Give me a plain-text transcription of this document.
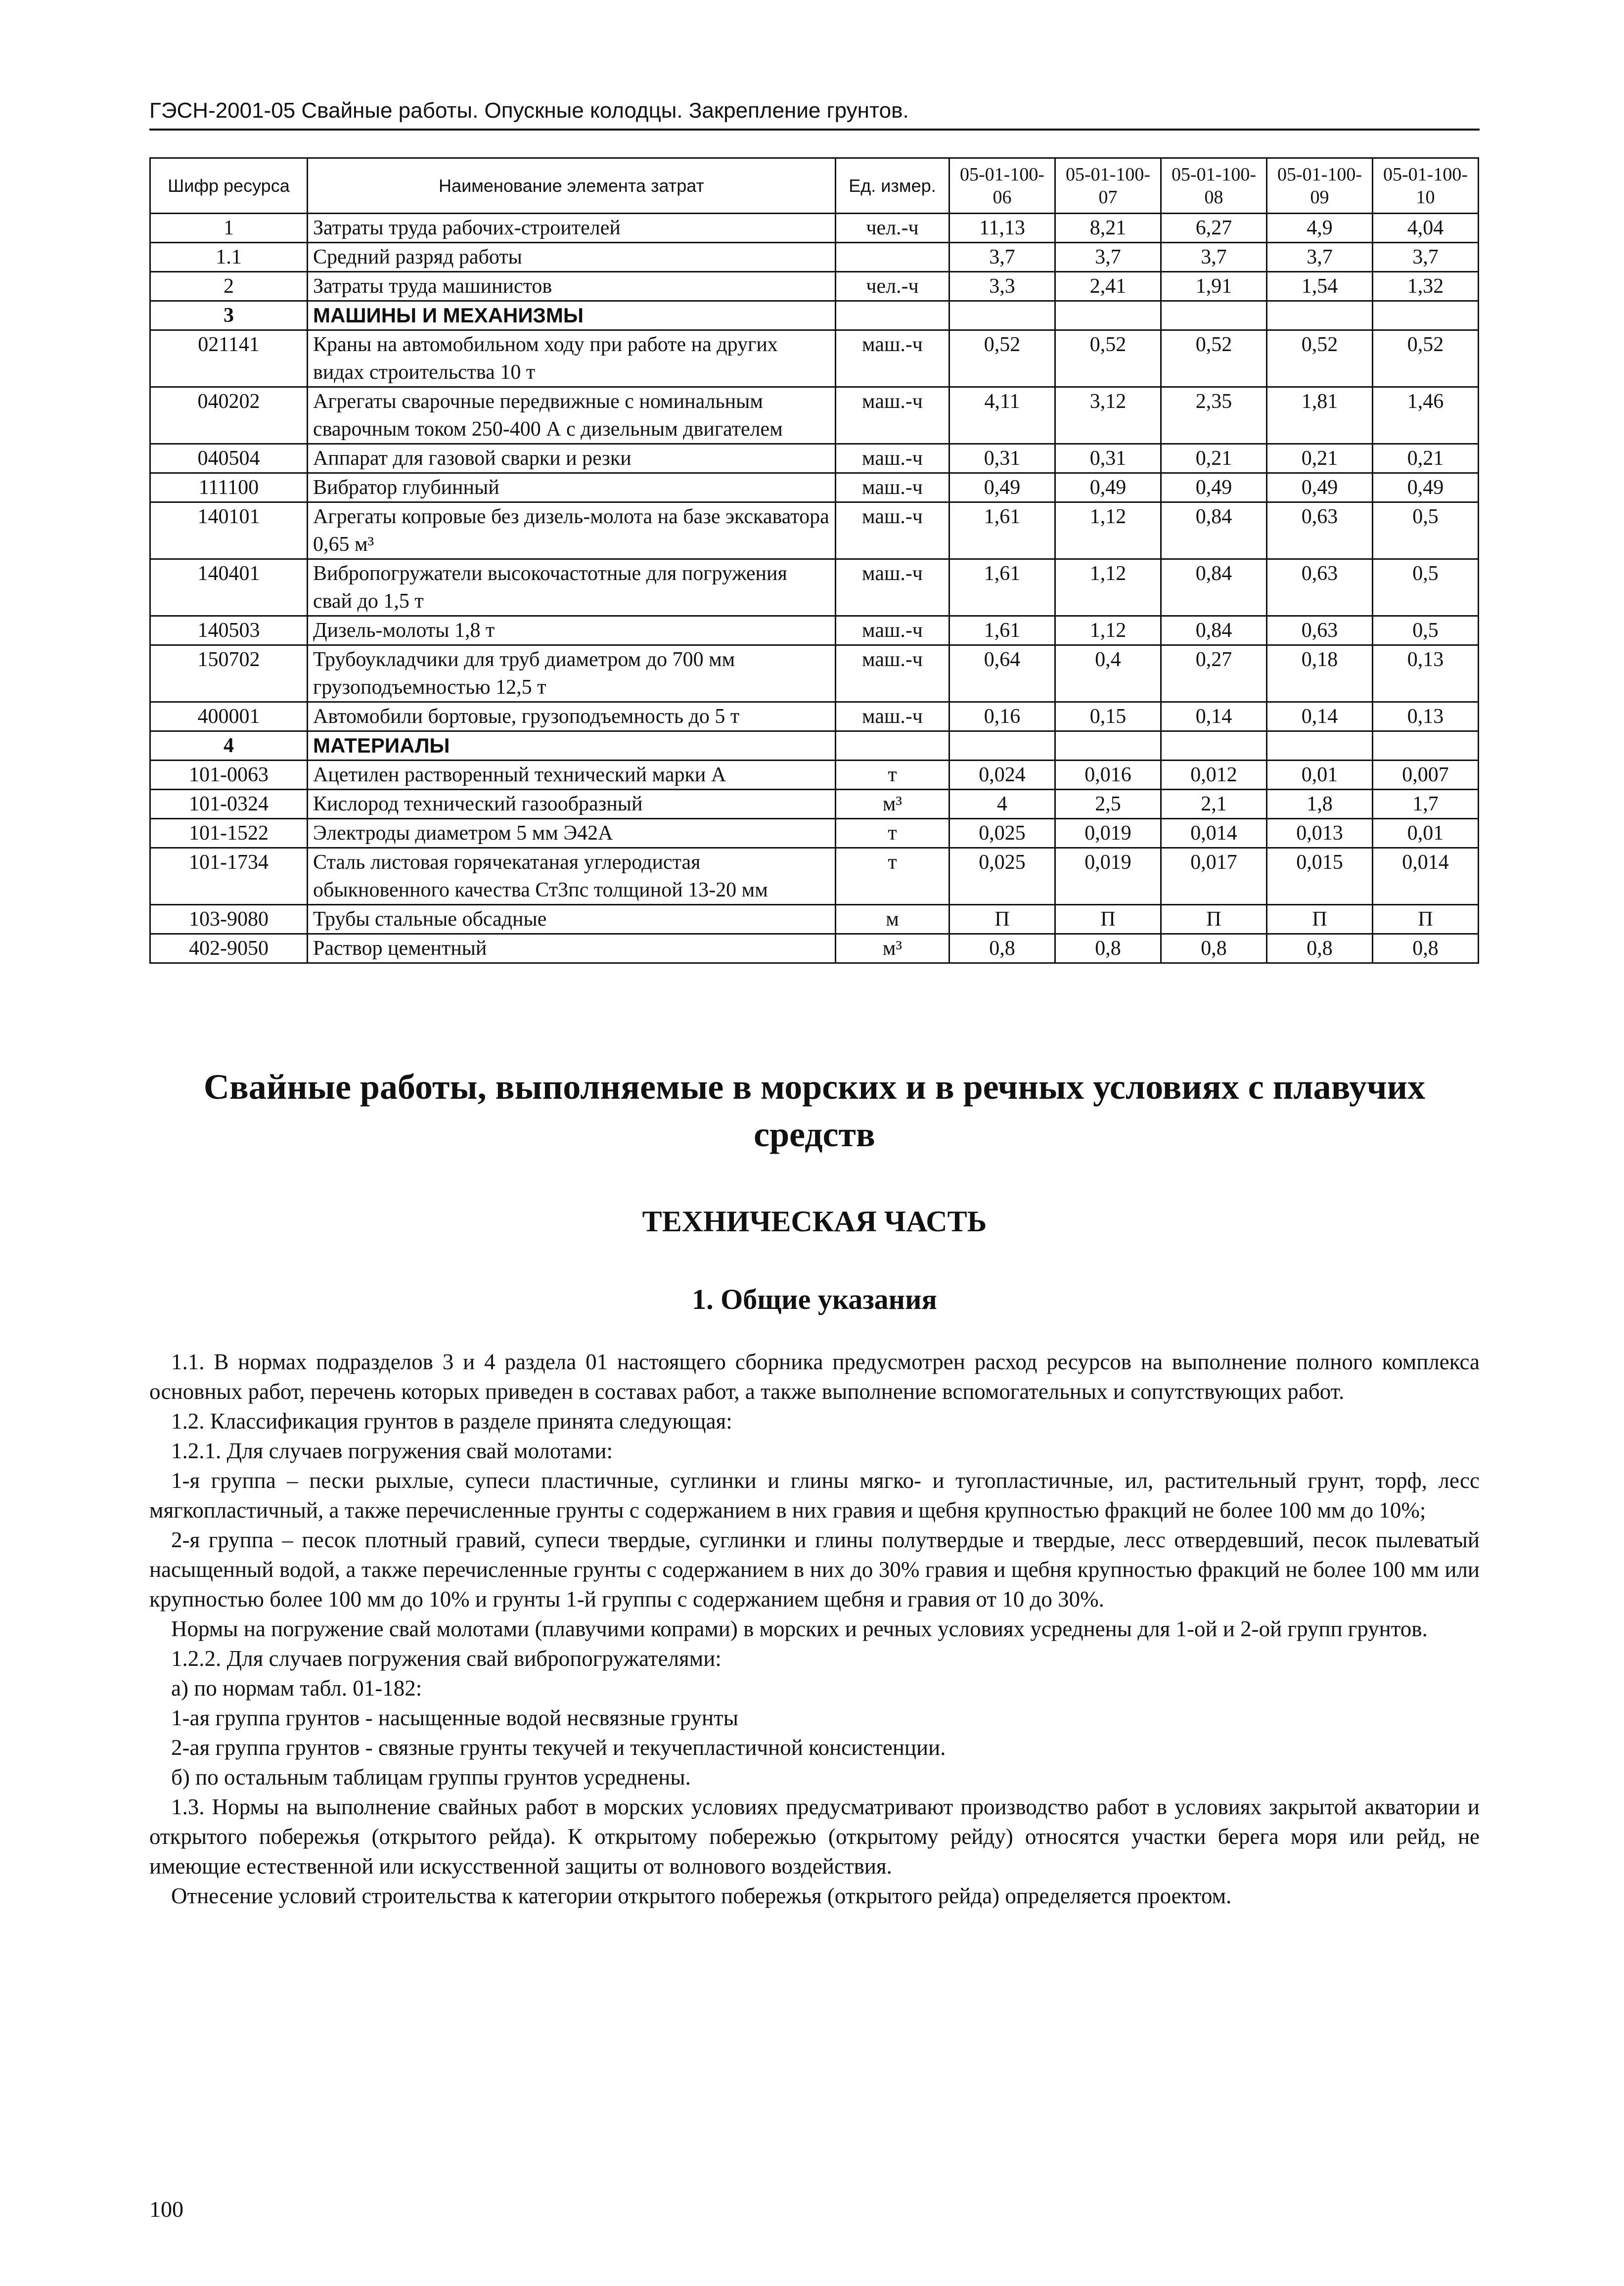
ГЭСН-2001-05 Свайные работы. Опускные колодцы. Закрепление грунтов.
Шифр ресурса	Наименование элемента затрат	Ед. измер.	05-01-100-06	05-01-100-07	05-01-100-08	05-01-100-09	05-01-100-10
1	Затраты труда рабочих-строителей	чел.-ч	11,13	8,21	6,27	4,9	4,04
1.1	Средний разряд работы		3,7	3,7	3,7	3,7	3,7
2	Затраты труда машинистов	чел.-ч	3,3	2,41	1,91	1,54	1,32
3	МАШИНЫ И МЕХАНИЗМЫ						
021141	Краны на автомобильном ходу при работе на других видах строительства 10 т	маш.-ч	0,52	0,52	0,52	0,52	0,52
040202	Агрегаты сварочные передвижные с номинальным сварочным током 250-400 А с дизельным двигателем	маш.-ч	4,11	3,12	2,35	1,81	1,46
040504	Аппарат для газовой сварки и резки	маш.-ч	0,31	0,31	0,21	0,21	0,21
111100	Вибратор глубинный	маш.-ч	0,49	0,49	0,49	0,49	0,49
140101	Агрегаты копровые без дизель-молота на базе экскаватора 0,65 м³	маш.-ч	1,61	1,12	0,84	0,63	0,5
140401	Вибропогружатели высокочастотные для погружения свай до 1,5 т	маш.-ч	1,61	1,12	0,84	0,63	0,5
140503	Дизель-молоты 1,8 т	маш.-ч	1,61	1,12	0,84	0,63	0,5
150702	Трубоукладчики для труб диаметром до 700 мм грузоподъемностью 12,5 т	маш.-ч	0,64	0,4	0,27	0,18	0,13
400001	Автомобили бортовые, грузоподъемность до 5 т	маш.-ч	0,16	0,15	0,14	0,14	0,13
4	МАТЕРИАЛЫ						
101-0063	Ацетилен растворенный технический марки А	т	0,024	0,016	0,012	0,01	0,007
101-0324	Кислород технический газообразный	м³	4	2,5	2,1	1,8	1,7
101-1522	Электроды диаметром 5 мм Э42А	т	0,025	0,019	0,014	0,013	0,01
101-1734	Сталь листовая горячекатаная углеродистая обыкновенного качества Ст3пс толщиной 13-20 мм	т	0,025	0,019	0,017	0,015	0,014
103-9080	Трубы стальные обсадные	м	П	П	П	П	П
402-9050	Раствор цементный	м³	0,8	0,8	0,8	0,8	0,8
Свайные работы, выполняемые в морских и в речных условиях с плавучих средств
ТЕХНИЧЕСКАЯ ЧАСТЬ
1. Общие указания

1.1. В нормах подразделов 3 и 4 раздела 01 настоящего сборника предусмотрен расход ресурсов на выполнение полного комплекса основных работ, перечень которых приведен в составах работ, а также выполнение вспомогательных и сопутствующих работ.

1.2. Классификация грунтов в разделе принята следующая:

1.2.1. Для случаев погружения свай молотами:

1-я группа – пески рыхлые, супеси пластичные, суглинки и глины мягко- и тугопластичные, ил, растительный грунт, торф, лесс мягкопластичный, а также перечисленные грунты с содержанием в них гравия и щебня крупностью фракций не более 100 мм до 10%;

2-я группа – песок плотный гравий, супеси твердые, суглинки и глины полутвердые и твердые, лесс отвердевший, песок пылеватый насыщенный водой, а также перечисленные грунты с содержанием в них до 30% гравия и щебня крупностью фракций не более 100 мм или крупностью более 100 мм до 10% и грунты 1-й группы с содержанием щебня и гравия от 10 до 30%.

Нормы на погружение свай молотами (плавучими копрами) в морских и речных условиях усреднены для 1-ой и 2-ой групп грунтов.

1.2.2. Для случаев погружения свай вибропогружателями:

а) по нормам табл. 01-182:

1-ая группа грунтов - насыщенные водой несвязные грунты

2-ая группа грунтов - связные грунты текучей и текучепластичной консистенции.

б) по остальным таблицам группы грунтов усреднены.

1.3. Нормы на выполнение свайных работ в морских условиях предусматривают производство работ в условиях закрытой акватории и открытого побережья (открытого рейда). К открытому побережью (открытому рейду) относятся участки берега моря или рейд, не имеющие естественной или искусственной защиты от волнового воздействия.

Отнесение условий строительства к категории открытого побережья (открытого рейда) определяется проектом.

100
